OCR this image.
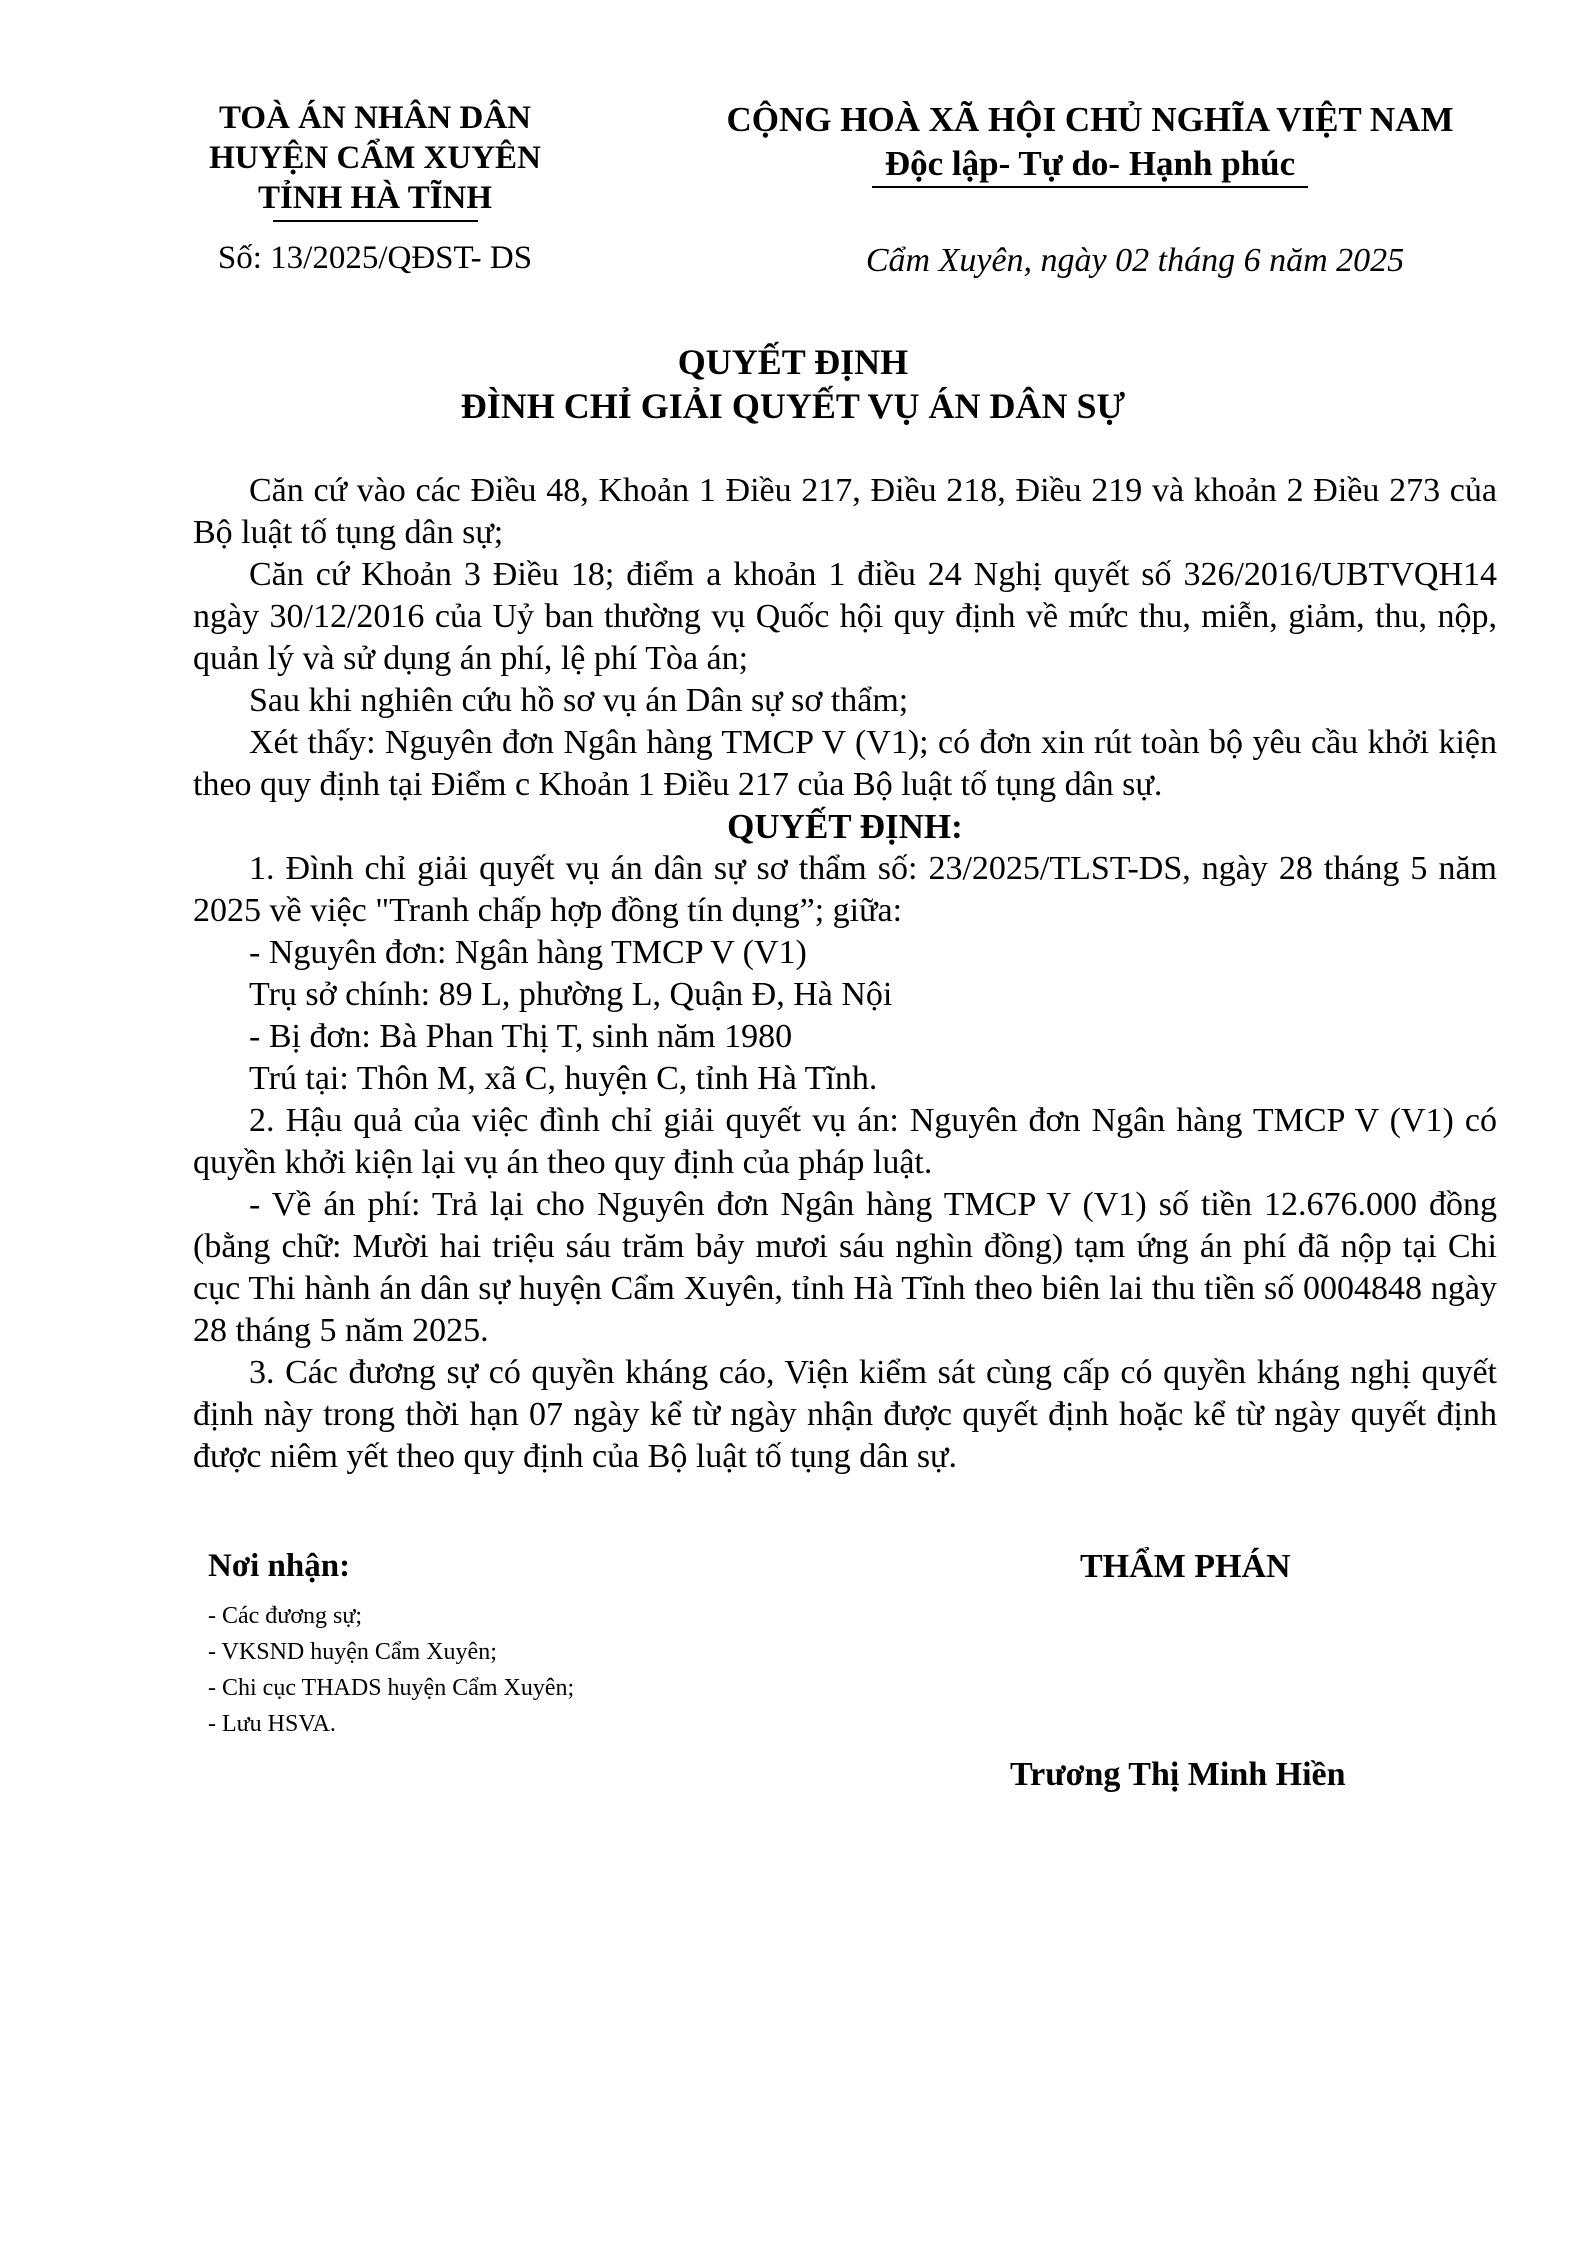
TOÀ ÁN NHÂN DÂN
HUYỆN CẨM XUYÊN
TỈNH HÀ TĨNH
Số: 13/2025/QĐST- DS
CỘNG HOÀ XÃ HỘI CHỦ NGHĨA VIỆT NAM
Độc lập- Tự do- Hạnh phúc
Cẩm Xuyên, ngày 02 tháng 6 năm 2025
QUYẾT ĐỊNH
ĐÌNH CHỈ GIẢI QUYẾT VỤ ÁN DÂN SỰ

Căn cứ vào các Điều 48, Khoản 1 Điều 217, Điều 218, Điều 219 và khoản 2 Điều 273 của Bộ luật tố tụng dân sự;

Căn cứ Khoản 3 Điều 18; điểm a khoản 1 điều 24 Nghị quyết số 326/2016/UBTVQH14 ngày 30/12/2016 của Uỷ ban thường vụ Quốc hội quy định về mức thu, miễn, giảm, thu, nộp, quản lý và sử dụng án phí, lệ phí Tòa án;

Sau khi nghiên cứu hồ sơ vụ án Dân sự sơ thẩm;

Xét thấy: Nguyên đơn Ngân hàng TMCP V (V1); có đơn xin rút toàn bộ yêu cầu khởi kiện theo quy định tại Điểm c Khoản 1 Điều 217 của Bộ luật tố tụng dân sự.

QUYẾT ĐỊNH:

1. Đình chỉ giải quyết vụ án dân sự sơ thẩm số: 23/2025/TLST-DS, ngày 28 tháng 5 năm 2025 về việc "Tranh chấp hợp đồng tín dụng”; giữa:

- Nguyên đơn: Ngân hàng TMCP V (V1)

Trụ sở chính: 89 L, phường L, Quận Đ, Hà Nội

- Bị đơn: Bà Phan Thị T, sinh năm 1980

Trú tại: Thôn M, xã C, huyện C, tỉnh Hà Tĩnh.

2. Hậu quả của việc đình chỉ giải quyết vụ án: Nguyên đơn Ngân hàng TMCP V (V1) có quyền khởi kiện lại vụ án theo quy định của pháp luật.

- Về án phí: Trả lại cho Nguyên đơn Ngân hàng TMCP V (V1) số tiền 12.676.000 đồng (bằng chữ: Mười hai triệu sáu trăm bảy mươi sáu nghìn đồng) tạm ứng án phí đã nộp tại Chi cục Thi hành án dân sự huyện Cẩm Xuyên, tỉnh Hà Tĩnh theo biên lai thu tiền số 0004848 ngày 28 tháng 5 năm 2025.

3. Các đương sự có quyền kháng cáo, Viện kiểm sát cùng cấp có quyền kháng nghị quyết định này trong thời hạn 07 ngày kể từ ngày nhận được quyết định hoặc kể từ ngày quyết định được niêm yết theo quy định của Bộ luật tố tụng dân sự.

Nơi nhận:
- Các đương sự;
- VKSND huyện Cẩm Xuyên;
- Chi cục THADS huyện Cẩm Xuyên;
- Lưu HSVA.
THẨM PHÁN
Trương Thị Minh Hiền
